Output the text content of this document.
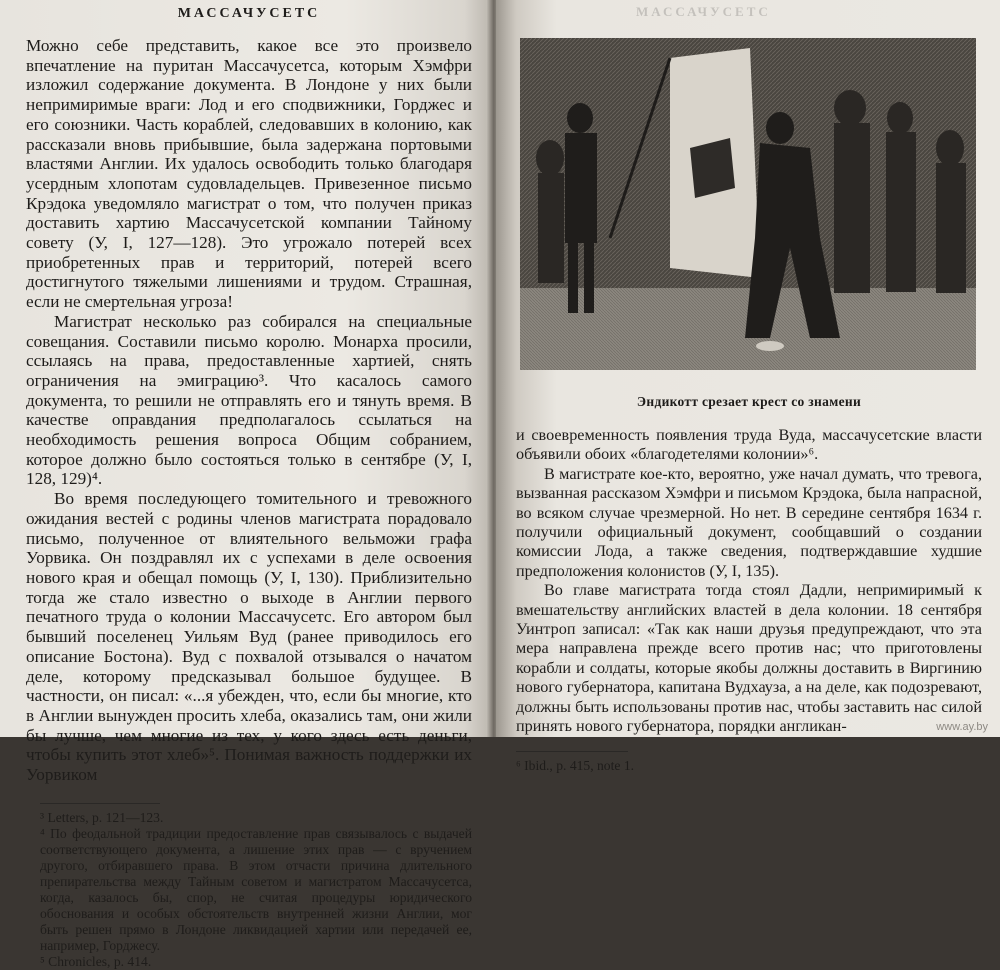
МАССАЧУСЕТС

Можно себе представить, какое все это произвело впечатление на пуритан Массачусетса, которым Хэмфри изложил содержание документа. В Лондоне у них были непримиримые враги: Лод и его сподвижники, Горджес и его союзники. Часть кораблей, следовавших в колонию, как рассказали вновь прибывшие, была задержана портовыми властями Англии. Их удалось освободить только благодаря усердным хлопотам судовладельцев. Привезенное письмо Крэдока уведомляло магистрат о том, что получен приказ доставить хартию Массачусетской компании Тайному совету (У, I, 127—128). Это угрожало потерей всех приобретенных прав и территорий, потерей всего достигнутого тяжелыми лишениями и трудом. Страшная, если не смертельная угроза!

Магистрат несколько раз собирался на специальные совещания. Составили письмо королю. Монарха просили, ссылаясь на права, предоставленные хартией, снять ограничения на эмиграцию³. Что касалось самого документа, то решили не отправлять его и тянуть время. В качестве оправдания предполагалось ссылаться на необходимость решения вопроса Общим собранием, которое должно было состояться только в сентябре (У, I, 128, 129)⁴.

Во время последующего томительного и тревожного ожидания вестей с родины членов магистрата порадовало письмо, полученное от влиятельного вельможи графа Уорвика. Он поздравлял их с успехами в деле освоения нового края и обещал помощь (У, I, 130). Приблизительно тогда же стало известно о выходе в Англии первого печатного труда о колонии Массачусетс. Его автором был бывший поселенец Уильям Вуд (ранее приводилось его описание Бостона). Вуд с похвалой отзывался о начатом деле, которому предсказывал большое будущее. В частности, он писал: «...я убежден, что, если бы многие, кто в Англии вынужден просить хлеба, оказались там, они жили бы лучше, чем многие из тех, у кого здесь есть деньги, чтобы купить этот хлеб»⁵. Понимая важность поддержки их Уорвиком

³ Letters, p. 121—123.
⁴ По феодальной традиции предоставление прав связывалось с выдачей соответствующего документа, а лишение этих прав — с вручением другого, отбиравшего права. В этом отчасти причина длительного препирательства между Тайным советом и магистратом Массачусетса, когда, казалось бы, спор, не считая процедуры юридического обоснования и особых обстоятельств внутренней жизни Англии, мог быть решен прямо в Лондоне ликвидацией хартии или передачей ее, например, Горджесу.
⁵ Chronicles, p. 414.
МАССАЧУСЕТС
Эндикотт срезает крест со знамени

и своевременность появления труда Вуда, массачусетские власти объявили обоих «благодетелями колонии»⁶.

В магистрате кое-кто, вероятно, уже начал думать, что тревога, вызванная рассказом Хэмфри и письмом Крэдока, была напрасной, во всяком случае чрезмерной. Но нет. В середине сентября 1634 г. получили официальный документ, сообщавший о создании комиссии Лода, а также сведения, подтверждавшие худшие предположения колонистов (У, I, 135).

Во главе магистрата тогда стоял Дадли, непримиримый к вмешательству английских властей в дела колонии. 18 сентября Уинтроп записал: «Так как наши друзья предупреждают, что эта мера направлена прежде всего против нас; что приготовлены корабли и солдаты, которые якобы должны доставить в Виргинию нового губернатора, капитана Вудхауза, а на деле, как подозревают, должны быть использованы против нас, чтобы заставить нас силой принять нового губернатора, порядки англикан-

⁶ Ibid., p. 415, note 1.
www.ay.by
